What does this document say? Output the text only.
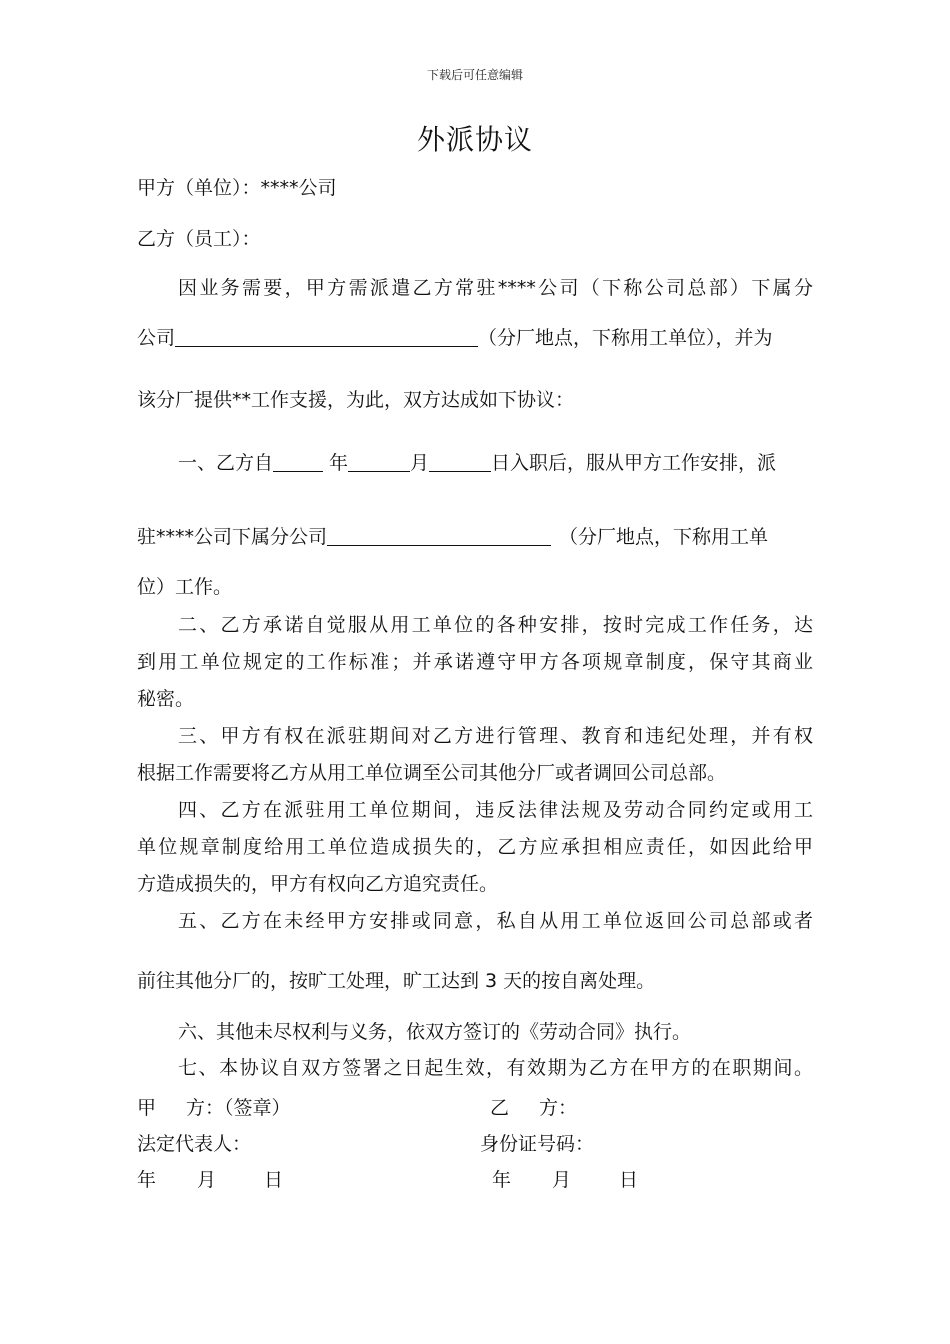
下载后可任意编辑
外派协议
甲方（单位）：****公司
乙方（员工）：
因业务需要，甲方需派遣乙方常驻****公司（下称公司总部）下属分
公司	（分厂地点，下称用工单位），并为
该分厂提供**工作支援，为此，双方达成如下协议：
一、乙方自	年	月	日入职后，服从甲方工作安排，派
驻****公司下属分公司	（分厂地点，下称用工单
位）工作。
二、乙方承诺自觉服从用工单位的各种安排，按时完成工作任务，达
到用工单位规定的工作标准；并承诺遵守甲方各项规章制度，保守其商业
秘密。
三、甲方有权在派驻期间对乙方进行管理、教育和违纪处理，并有权
根据工作需要将乙方从用工单位调至公司其他分厂或者调回公司总部。
四、乙方在派驻用工单位期间，违反法律法规及劳动合同约定或用工
单位规章制度给用工单位造成损失的，乙方应承担相应责任，如因此给甲
方造成损失的，甲方有权向乙方追究责任。
五、乙方在未经甲方安排或同意，私自从用工单位返回公司总部或者
前往其他分厂的，按旷工处理，旷工达到 3 天的按自离处理。
六、其他未尽权利与义务，依双方签订的《劳动合同》执行。
七、本协议自双方签署之日起生效，有效期为乙方在甲方的在职期间。
甲 方：（签章）	乙 方：
法定代表人：	身份证号码：
年 月	日	年 月	日
